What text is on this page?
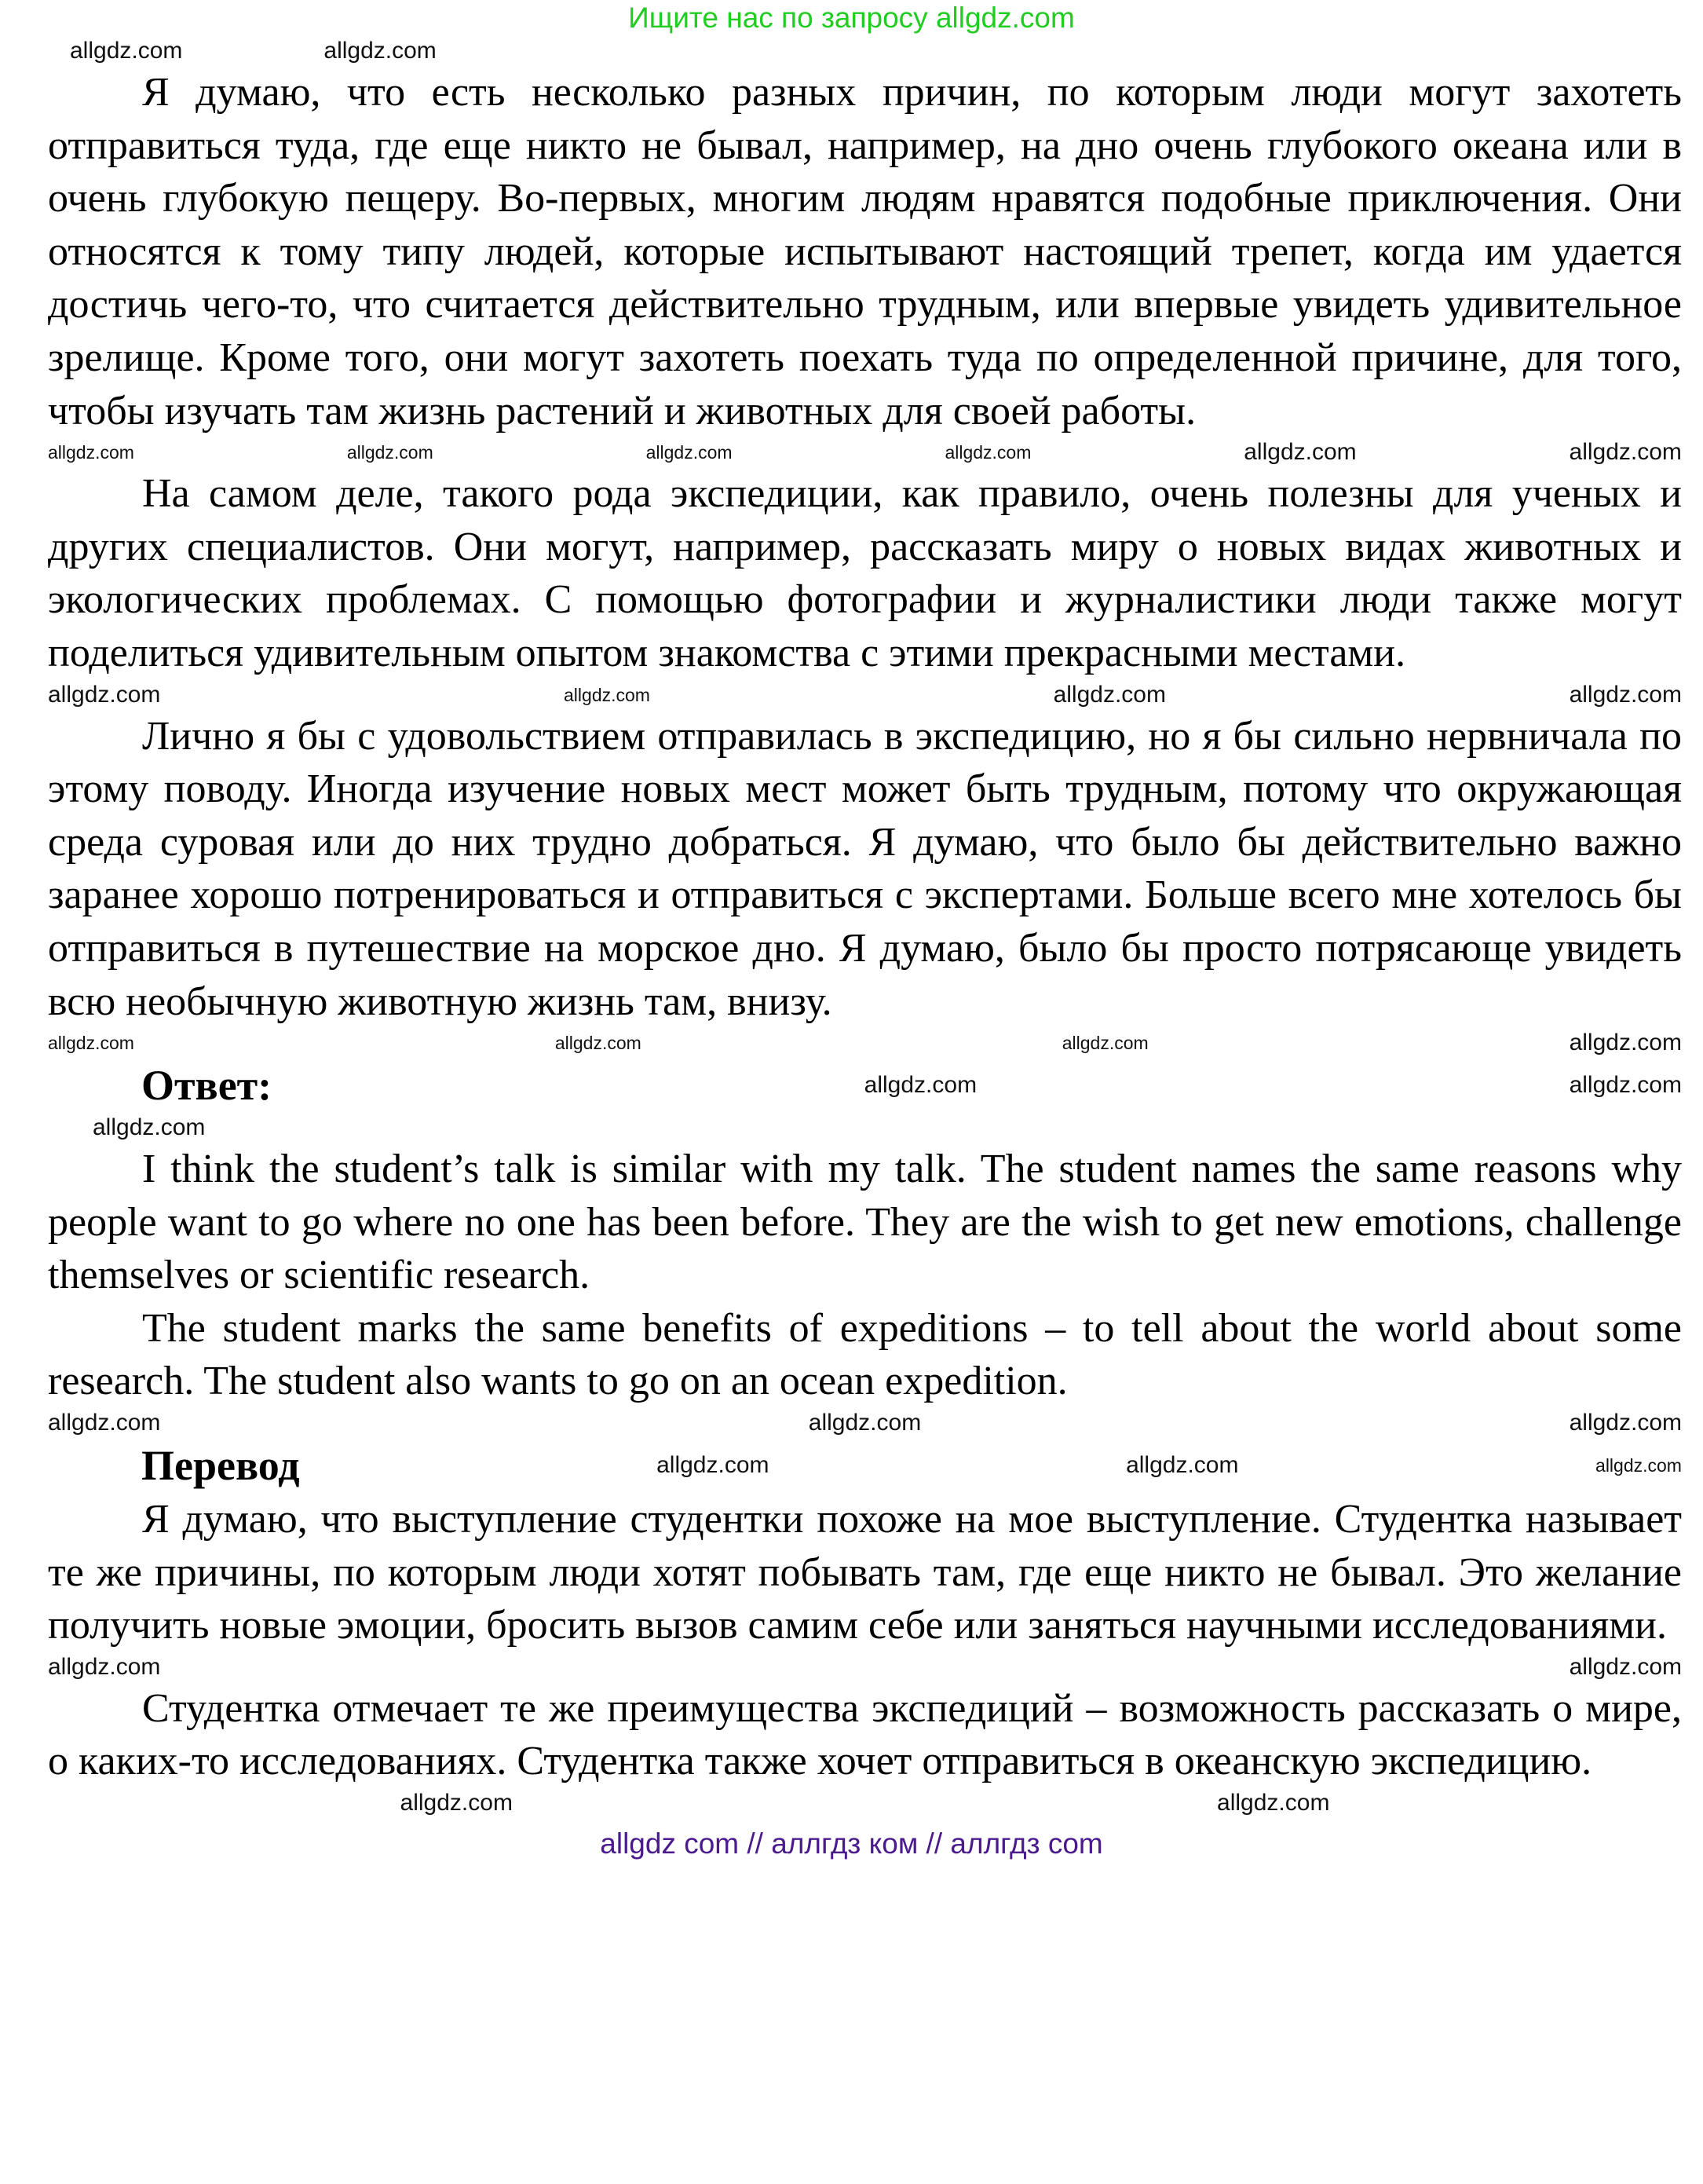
Ищите нас по запросу allgdz.com
allgdz.com	allgdz.com

Я думаю, что есть несколько разных причин, по которым люди могут захотеть отправиться туда, где еще никто не бывал, например, на дно очень глубокого океана или в очень глубокую пещеру. Во-первых, многим людям нравятся подобные приключения. Они относятся к тому типу людей, которые испытывают настоящий трепет, когда им удается достичь чего-то, что считается действительно трудным, или впервые увидеть удивительное зрелище. Кроме того, они могут захотеть поехать туда по определенной причине, для того, чтобы изучать там жизнь растений и животных для своей работы.

allgdz.com	allgdz.com	allgdz.com	allgdz.com	allgdz.com	allgdz.com

На самом деле, такого рода экспедиции, как правило, очень полезны для ученых и других специалистов. Они могут, например, рассказать миру о новых видах животных и экологических проблемах. С помощью фотографии и журналистики люди также могут поделиться удивительным опытом знакомства с этими прекрасными местами.

allgdz.com	allgdz.com	allgdz.com	allgdz.com

Лично я бы с удовольствием отправилась в экспедицию, но я бы сильно нервничала по этому поводу. Иногда изучение новых мест может быть трудным, потому что окружающая среда суровая или до них трудно добраться. Я думаю, что было бы действительно важно заранее хорошо потренироваться и отправиться с экспертами. Больше всего мне хотелось бы отправиться в путешествие на морское дно. Я думаю, было бы просто потрясающе увидеть всю необычную животную жизнь там, внизу.

allgdz.com	allgdz.com	allgdz.com	allgdz.com
Ответ:	allgdz.com	allgdz.com
allgdz.com

I think the student’s talk is similar with my talk. The student names the same reasons why people want to go where no one has been before. They are the wish to get new emotions, challenge themselves or scientific research.

The student marks the same benefits of expeditions – to tell about the world about some research. The student also wants to go on an ocean expedition.

allgdz.com	allgdz.com	allgdz.com
Перевод	allgdz.com	allgdz.com	allgdz.com

Я думаю, что выступление студентки похоже на мое выступление. Студентка называет те же причины, по которым люди хотят побывать там, где еще никто не бывал. Это желание получить новые эмоции, бросить вызов самим себе или заняться научными исследованиями.

allgdz.com	allgdz.com

Студентка отмечает те же преимущества экспедиций – возможность рассказать о мире, о каких-то исследованиях. Студентка также хочет отправиться в океанскую экспедицию.

allgdz.com	allgdz.com
allgdz com // аллгдз ком // аллгдз com
